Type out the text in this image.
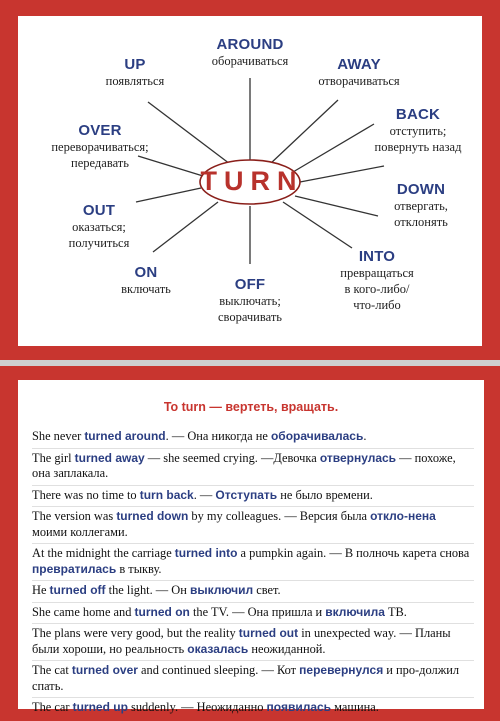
TURN
AROUND
оборачиваться
UP
появляться
AWAY
отворачиваться
BACK
отступить;
повернуть назад
OVER
переворачиваться;
передавать
DOWN
отвергать,
отклонять
OUT
оказаться;
получиться
INTO
превращаться
в кого-либо/
что-либо
ON
включать	OFF
выключать;
сворачивать
To turn — вертеть, вращать.
She never turned around. — Она никогда не оборачивалась.
The girl turned away — she seemed crying. —Девочка отвернулась — похоже, она заплакала.
There was no time to turn back. — Отступать не было времени.
The version was turned down by my colleagues. — Версия была откло-нена моими коллегами.
At the midnight the carriage turned into a pumpkin again. — В полночь карета снова превратилась в тыкву.
He turned off the light. — Он выключил свет.
She came home and turned on the TV. — Она пришла и включила ТВ.
The plans were very good, but the reality turned out in unexpected way. — Планы были хороши, но реальность оказалась неожиданной.
The cat turned over and continued sleeping. — Кот перевернулся и про-должил спать.
The car turned up suddenly. — Неожиданно появилась машина.
